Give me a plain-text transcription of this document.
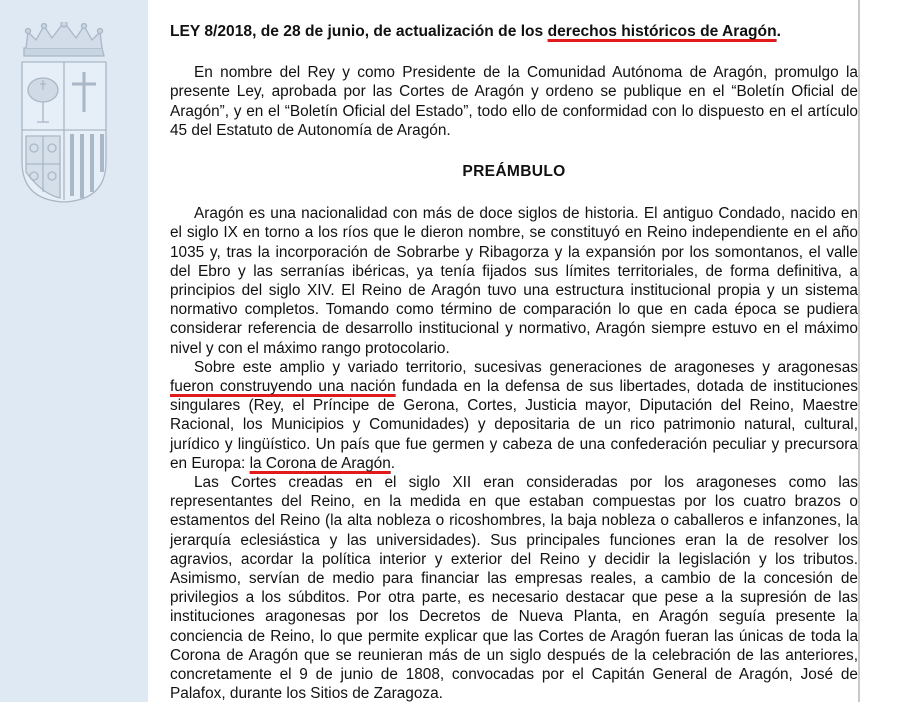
LEY 8/2018, de 28 de junio, de actualización de los derechos históricos de Aragón.

En nombre del Rey y como Presidente de la Comunidad Autónoma de Aragón, promulgo la presente Ley, aprobada por las Cortes de Aragón y ordeno se publique en el “Boletín Oficial de Aragón”, y en el “Boletín Oficial del Estado”, todo ello de conformidad con lo dispuesto en el artículo 45 del Estatuto de Autonomía de Aragón.

PREÁMBULO

Aragón es una nacionalidad con más de doce siglos de historia. El antiguo Condado, nacido en el siglo IX en torno a los ríos que le dieron nombre, se constituyó en Reino independiente en el año 1035 y, tras la incorporación de Sobrarbe y Ribagorza y la expansión por los somontanos, el valle del Ebro y las serranías ibéricas, ya tenía fijados sus límites territoriales, de forma definitiva, a principios del siglo XIV. El Reino de Aragón tuvo una estructura institucional propia y un sistema normativo completos. Tomando como término de comparación lo que en cada época se pudiera considerar referencia de desarrollo institucional y normativo, Aragón siempre estuvo en el máximo nivel y con el máximo rango protocolario.

Sobre este amplio y variado territorio, sucesivas generaciones de aragoneses y aragonesas fueron construyendo una nación fundada en la defensa de sus libertades, dotada de instituciones singulares (Rey, el Príncipe de Gerona, Cortes, Justicia mayor, Diputación del Reino, Maestre Racional, los Municipios y Comunidades) y depositaria de un rico patrimonio natural, cultural, jurídico y lingüístico. Un país que fue germen y cabeza de una confederación peculiar y precursora en Europa: la Corona de Aragón.

Las Cortes creadas en el siglo XII eran consideradas por los aragoneses como las representantes del Reino, en la medida en que estaban compuestas por los cuatro brazos o estamentos del Reino (la alta nobleza o ricoshombres, la baja nobleza o caballeros e infanzones, la jerarquía eclesiástica y las universidades). Sus principales funciones eran la de resolver los agravios, acordar la política interior y exterior del Reino y decidir la legislación y los tributos. Asimismo, servían de medio para financiar las empresas reales, a cambio de la concesión de privilegios a los súbditos. Por otra parte, es necesario destacar que pese a la supresión de las instituciones aragonesas por los Decretos de Nueva Planta, en Aragón seguía presente la conciencia de Reino, lo que permite explicar que las Cortes de Aragón fueran las únicas de toda la Corona de Aragón que se reunieran más de un siglo después de la celebración de las anteriores, concretamente el 9 de junio de 1808, convocadas por el Capitán General de Aragón, José de Palafox, durante los Sitios de Zaragoza.
